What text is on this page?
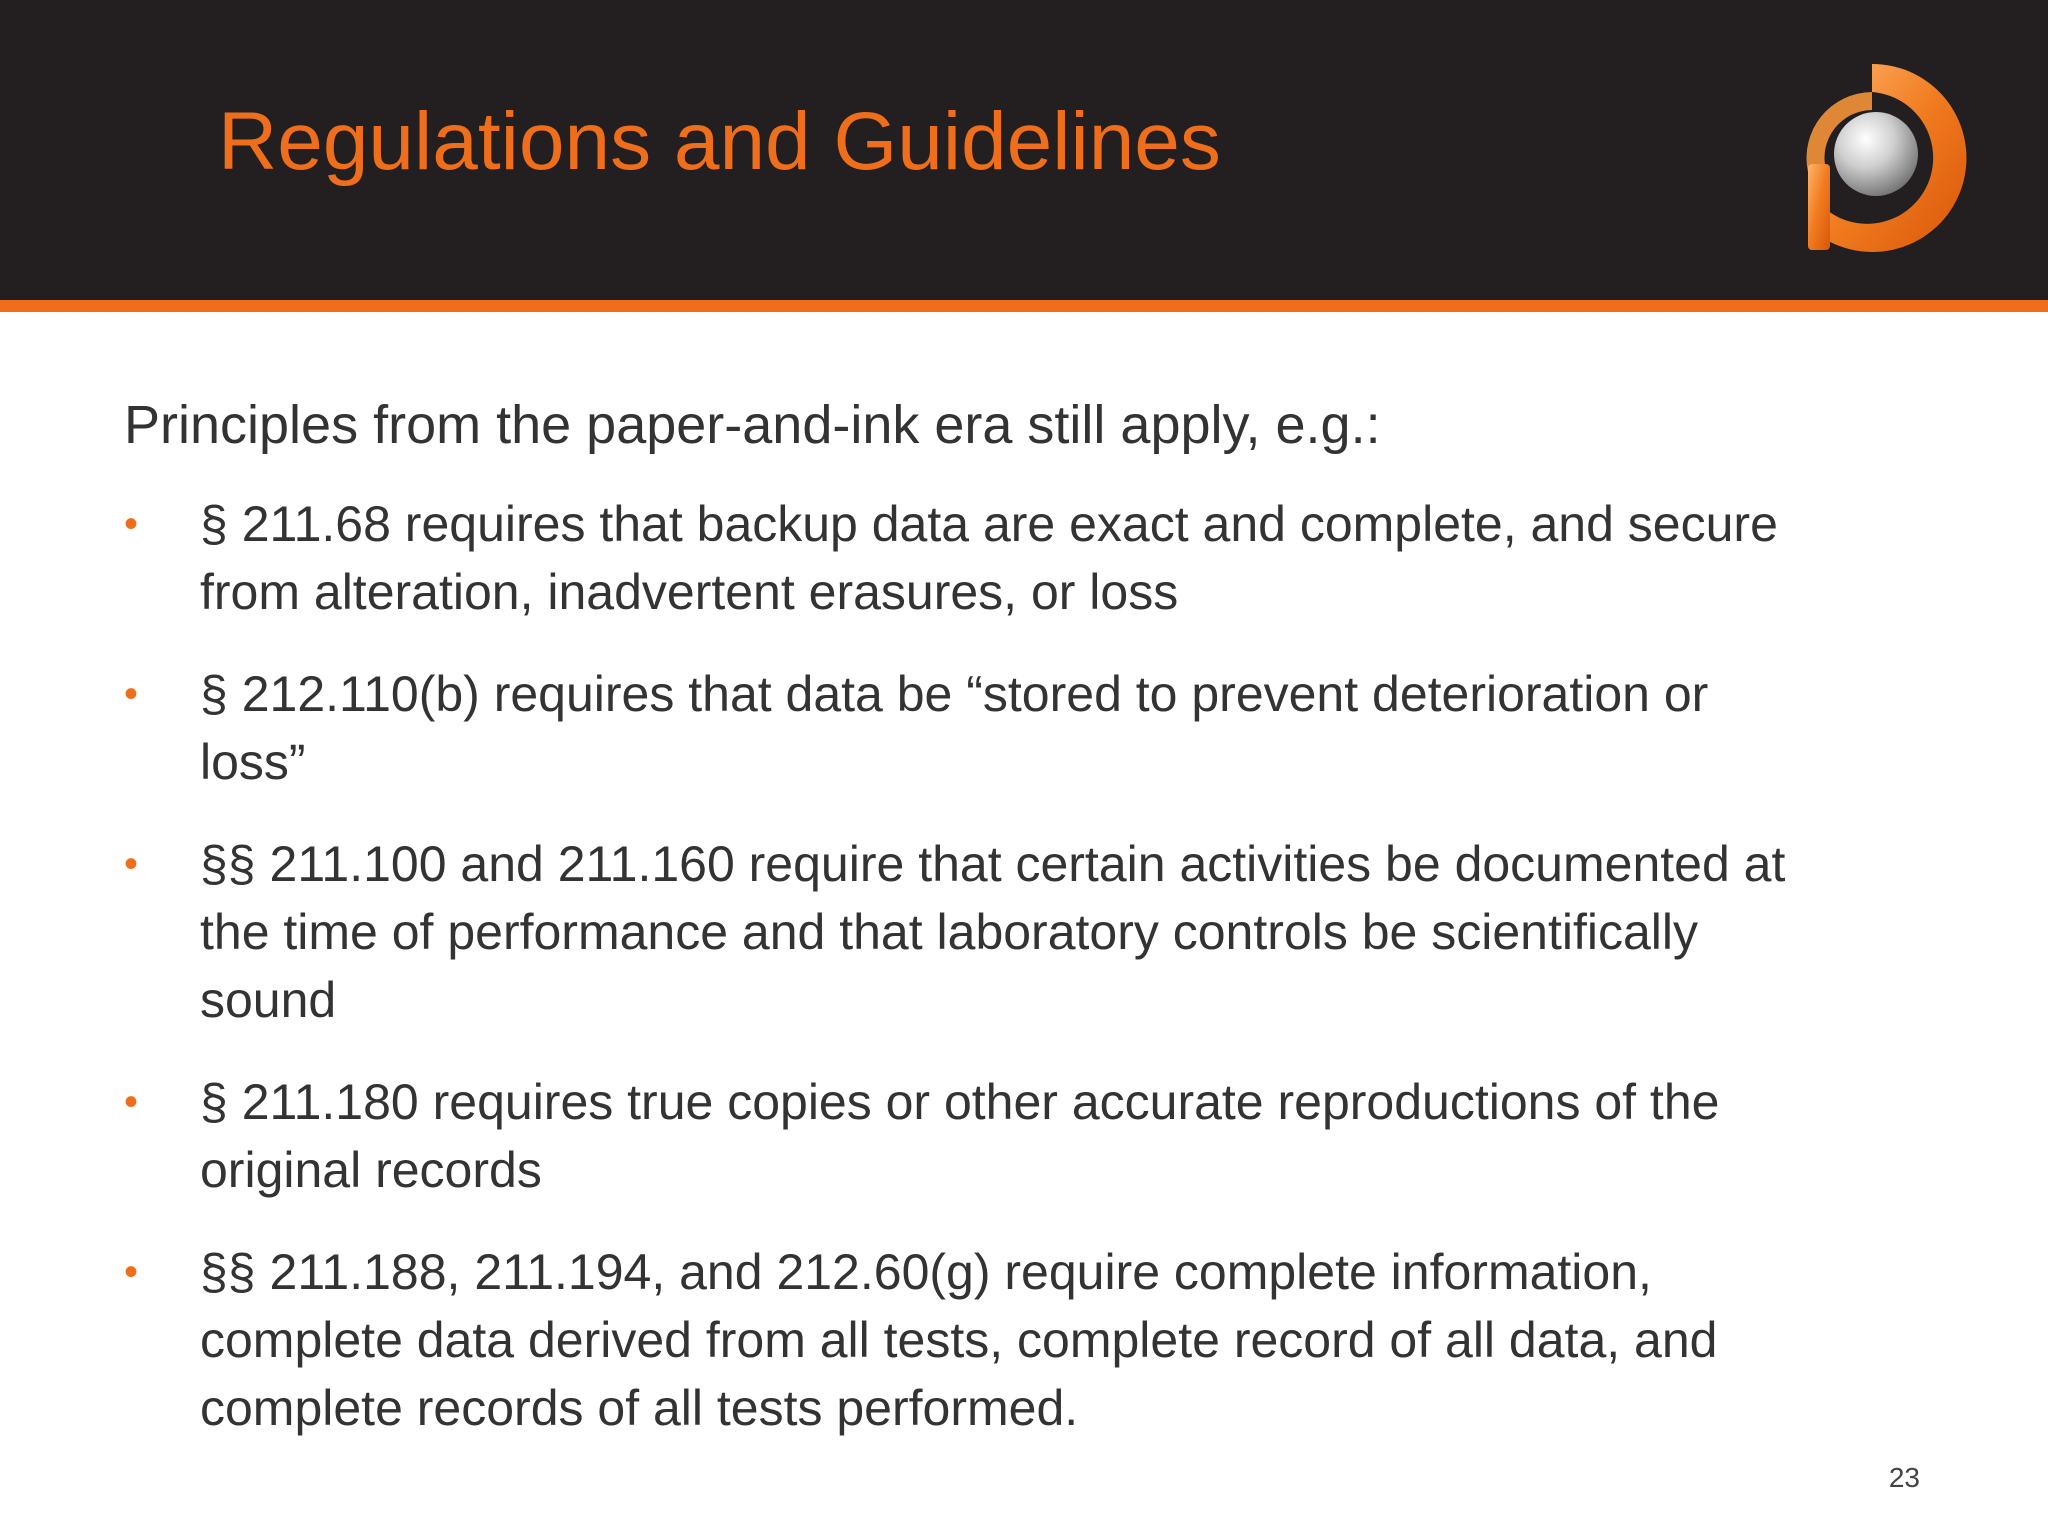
Regulations and Guidelines

Principles from the paper-and-ink era still apply, e.g.:

• § 211.68 requires that backup data are exact and complete, and secure from alteration, inadvertent erasures, or loss
• § 212.110(b) requires that data be “stored to prevent deterioration or loss”
• §§ 211.100 and 211.160 require that certain activities be documented at the time of performance and that laboratory controls be scientifically sound
• § 211.180 requires true copies or other accurate reproductions of the original records
• §§ 211.188, 211.194, and 212.60(g) require complete information, complete data derived from all tests, complete record of all data, and complete records of all tests performed.
23
